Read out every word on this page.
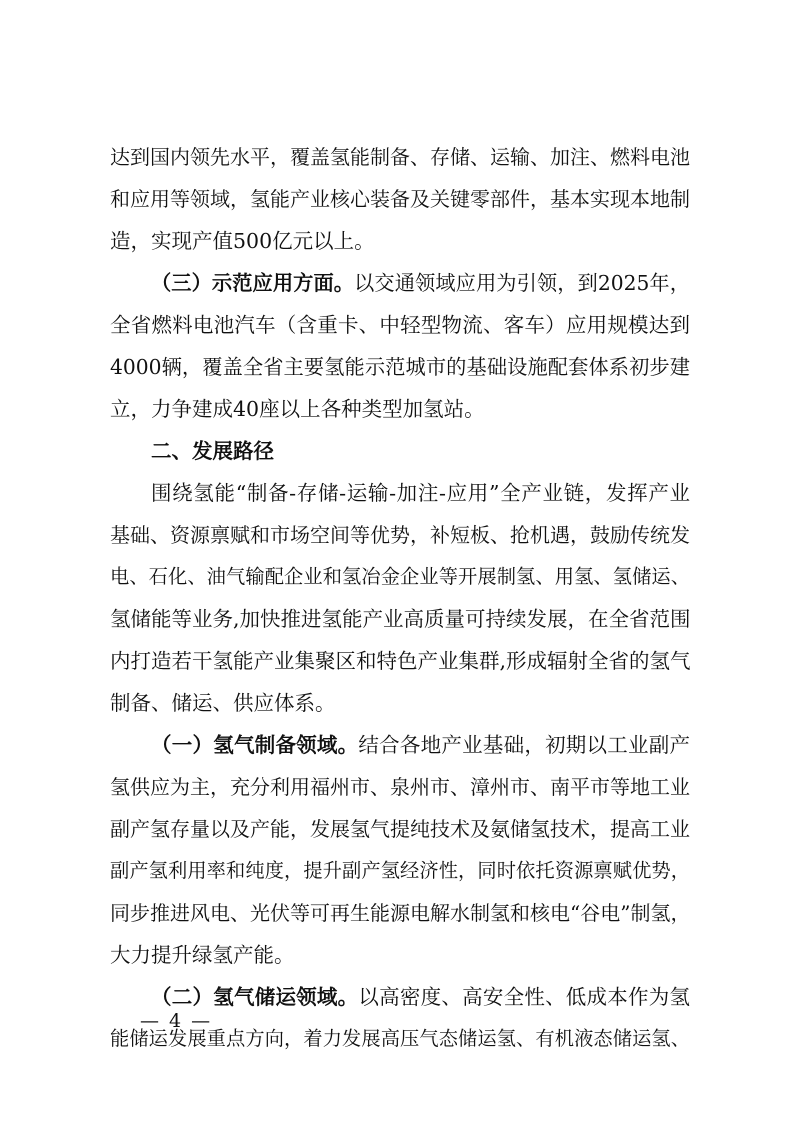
达到国内领先水平，覆盖氢能制备、存储、运输、加注、燃料电池
和应用等领域，氢能产业核心装备及关键零部件，基本实现本地制
造，实现产值500亿元以上。
（三）示范应用方面。以交通领域应用为引领，到2025年，
全省燃料电池汽车（含重卡、中轻型物流、客车）应用规模达到
4000辆，覆盖全省主要氢能示范城市的基础设施配套体系初步建
立，力争建成40座以上各种类型加氢站。
二、发展路径
围绕氢能“制备-存储-运输-加注-应用”全产业链，发挥产业
基础、资源禀赋和市场空间等优势，补短板、抢机遇，鼓励传统发
电、石化、油气输配企业和氢冶金企业等开展制氢、用氢、氢储运、
氢储能等业务,加快推进氢能产业高质量可持续发展，在全省范围
内打造若干氢能产业集聚区和特色产业集群,形成辐射全省的氢气
制备、储运、供应体系。
（一）氢气制备领域。结合各地产业基础，初期以工业副产
氢供应为主，充分利用福州市、泉州市、漳州市、南平市等地工业
副产氢存量以及产能，发展氢气提纯技术及氨储氢技术，提高工业
副产氢利用率和纯度，提升副产氢经济性，同时依托资源禀赋优势，
同步推进风电、光伏等可再生能源电解水制氢和核电“谷电”制氢，
大力提升绿氢产能。
（二）氢气储运领域。以高密度、高安全性、低成本作为氢
能储运发展重点方向，着力发展高压气态储运氢、有机液态储运氢、
— 4 —
